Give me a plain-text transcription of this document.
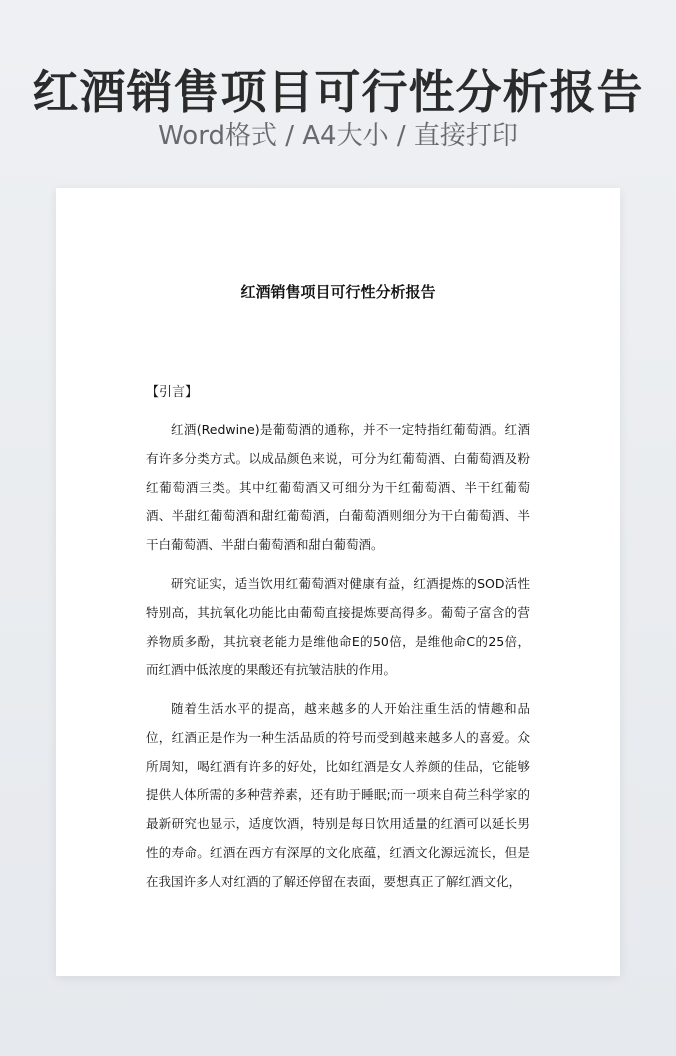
红酒销售项目可行性分析报告
Word格式 / A4大小 / 直接打印
红酒销售项目可行性分析报告
【引言】

红酒(Redwine)是葡萄酒的通称，并不一定特指红葡萄酒。红酒有许多分类方式。以成品颜色来说，可分为红葡萄酒、白葡萄酒及粉红葡萄酒三类。其中红葡萄酒又可细分为干红葡萄酒、半干红葡萄酒、半甜红葡萄酒和甜红葡萄酒，白葡萄酒则细分为干白葡萄酒、半干白葡萄酒、半甜白葡萄酒和甜白葡萄酒。

研究证实，适当饮用红葡萄酒对健康有益，红酒提炼的SOD活性特别高，其抗氧化功能比由葡萄直接提炼要高得多。葡萄子富含的营养物质多酚，其抗衰老能力是维他命E的50倍，是维他命C的25倍，而红酒中低浓度的果酸还有抗皱洁肤的作用。

随着生活水平的提高，越来越多的人开始注重生活的情趣和品位，红酒正是作为一种生活品质的符号而受到越来越多人的喜爱。众所周知，喝红酒有许多的好处，比如红酒是女人养颜的佳品，它能够提供人体所需的多种营养素，还有助于睡眠;而一项来自荷兰科学家的最新研究也显示，适度饮酒，特别是每日饮用适量的红酒可以延长男性的寿命。红酒在西方有深厚的文化底蕴，红酒文化源远流长，但是在我国许多人对红酒的了解还停留在表面，要想真正了解红酒文化，
